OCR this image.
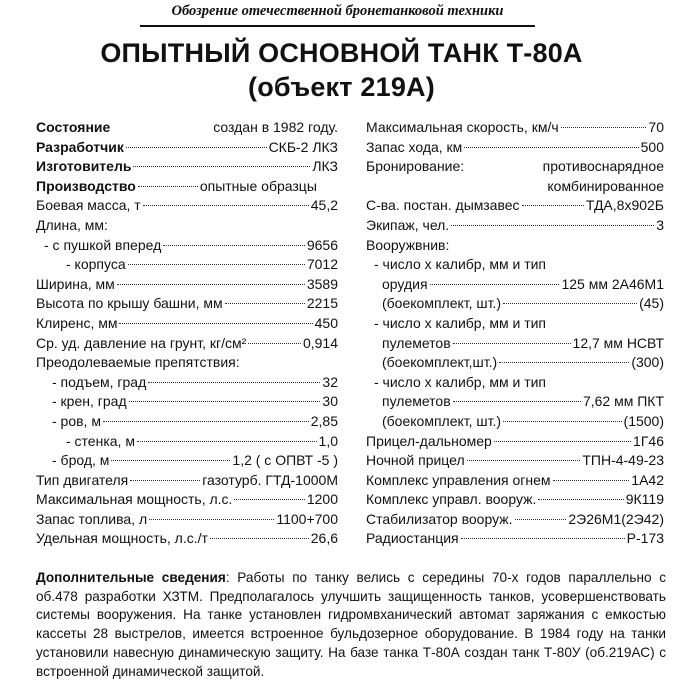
Обозрение отечественной бронетанковой техники
ОПЫТНЫЙ ОСНОВНОЙ ТАНК Т-80А
(объект 219А)
Состояние	создан в 1982 году.
Разработчик	СКБ-2 ЛКЗ
Изготовитель	ЛКЗ
Производство	опытные образцы
Боевая масса, т	45,2
Длина, мм:
- с пушкой вперед	9656
- корпуса	7012
Ширина, мм	3589
Высота по крышу башни, мм	2215
Клиренс, мм	450
Ср. уд. давление на грунт, кг/см²	0,914
Преодолеваемые препятствия:
- подъем, град	32
- крен, град	30
- ров, м	2,85
- стенка, м	1,0
- брод, м	1,2 ( с ОПВТ -5 )
Тип двигателя	газотурб. ГТД-1000М
Максимальная мощность, л.с.	1200
Запас топлива, л	1100+700
Удельная мощность, л.с./т	26,6
Максимальная скорость, км/ч	70
Запас хода, км	500
Бронирование:	противоснарядное
комбинированное
С-ва. постан. дымзавес	ТДА,8х902Б
Экипаж, чел.	3
Вооружвнив:
- число х калибр, мм и тип
орудия	125 мм 2А46М1
(боекомплект, шт.)	(45)
- число х калибр, мм и тип
пулеметов	12,7 мм НСВТ
(боекомплект,шт.)	(300)
- число х калибр, мм и тип
пулеметов	7,62 мм ПКТ
(боекомплект, шт.)	(1500)
Прицел-дальномер	1Г46
Ночной прицел	ТПН-4-49-23
Комплекс управления огнем	1А42
Комплекс управл. вооруж.	9К119
Стабилизатор вооруж.	2Э26М1(2Э42)
Радиостанция	Р-173
Дополнительные сведения: Работы по танку велись с середины 70-х годов параллельно с об.478 разработки ХЗТМ. Предполагалось улучшить защищенность танков, усовершенствовать системы вооружения. На танке установлен гидромвханический автомат заряжания с емкостью кассеты 28 выстрелов, имеется встроенное бульдозерное оборудование. В 1984 году на танки установили навесную динамическую защиту. На базе танка Т-80А создан танк Т-80У (об.219АС) с встроенной динамической защитой.
